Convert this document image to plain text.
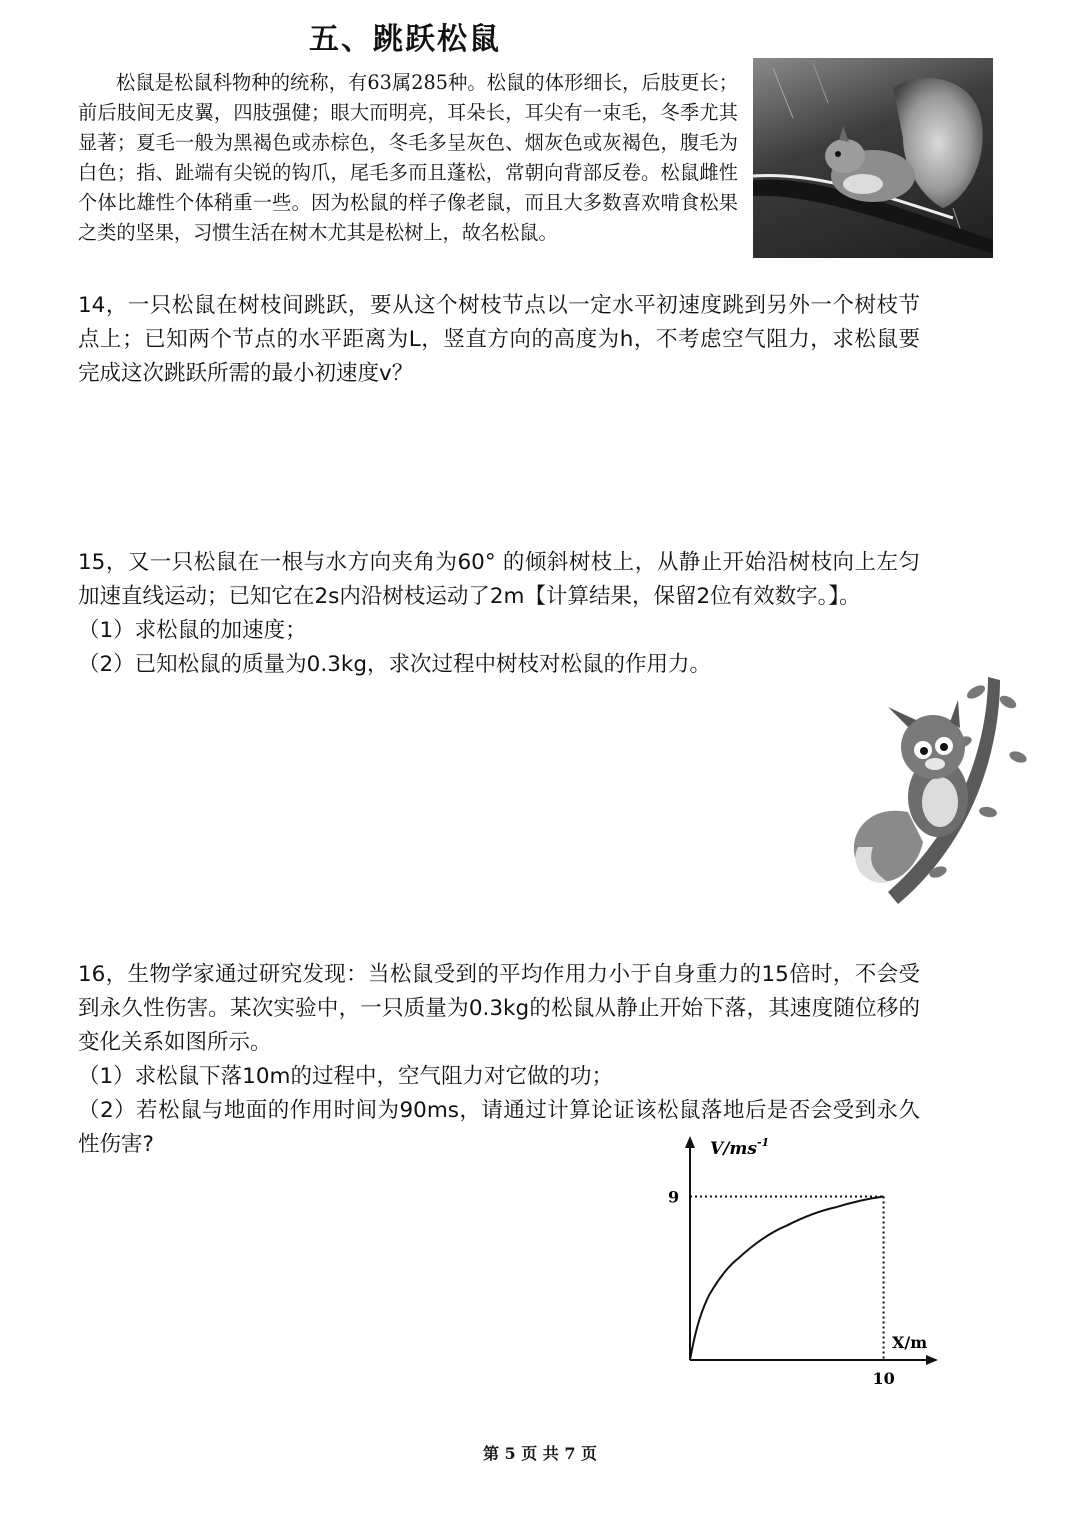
五、跳跃松鼠
松鼠是松鼠科物种的统称，有63属285种。松鼠的体形细长，后肢更长；前后肢间无皮翼，四肢强健；眼大而明亮，耳朵长，耳尖有一束毛，冬季尤其显著；夏毛一般为黑褐色或赤棕色，冬毛多呈灰色、烟灰色或灰褐色，腹毛为白色；指、趾端有尖锐的钩爪，尾毛多而且蓬松，常朝向背部反卷。松鼠雌性个体比雄性个体稍重一些。因为松鼠的样子像老鼠，而且大多数喜欢啃食松果之类的坚果，习惯生活在树木尤其是松树上，故名松鼠。

14，一只松鼠在树枝间跳跃，要从这个树枝节点以一定水平初速度跳到另外一个树枝节点上；已知两个节点的水平距离为L，竖直方向的高度为h，不考虑空气阻力，求松鼠要完成这次跳跃所需的最小初速度v？

15，又一只松鼠在一根与水方向夹角为60° 的倾斜树枝上，从静止开始沿树枝向上左匀加速直线运动；已知它在2s内沿树枝运动了2m【计算结果，保留2位有效数字。】。

（1）求松鼠的加速度；

（2）已知松鼠的质量为0.3kg，求次过程中树枝对松鼠的作用力。

16，生物学家通过研究发现：当松鼠受到的平均作用力小于自身重力的15倍时，不会受到永久性伤害。某次实验中，一只质量为0.3kg的松鼠从静止开始下落，其速度随位移的变化关系如图所示。

（1）求松鼠下落10m的过程中，空气阻力对它做的功；

（2）若松鼠与地面的作用时间为90ms，请通过计算论证该松鼠落地后是否会受到永久性伤害?	$V/ms^{-1}$
X/m
9
10
第 5 页 共 7 页
